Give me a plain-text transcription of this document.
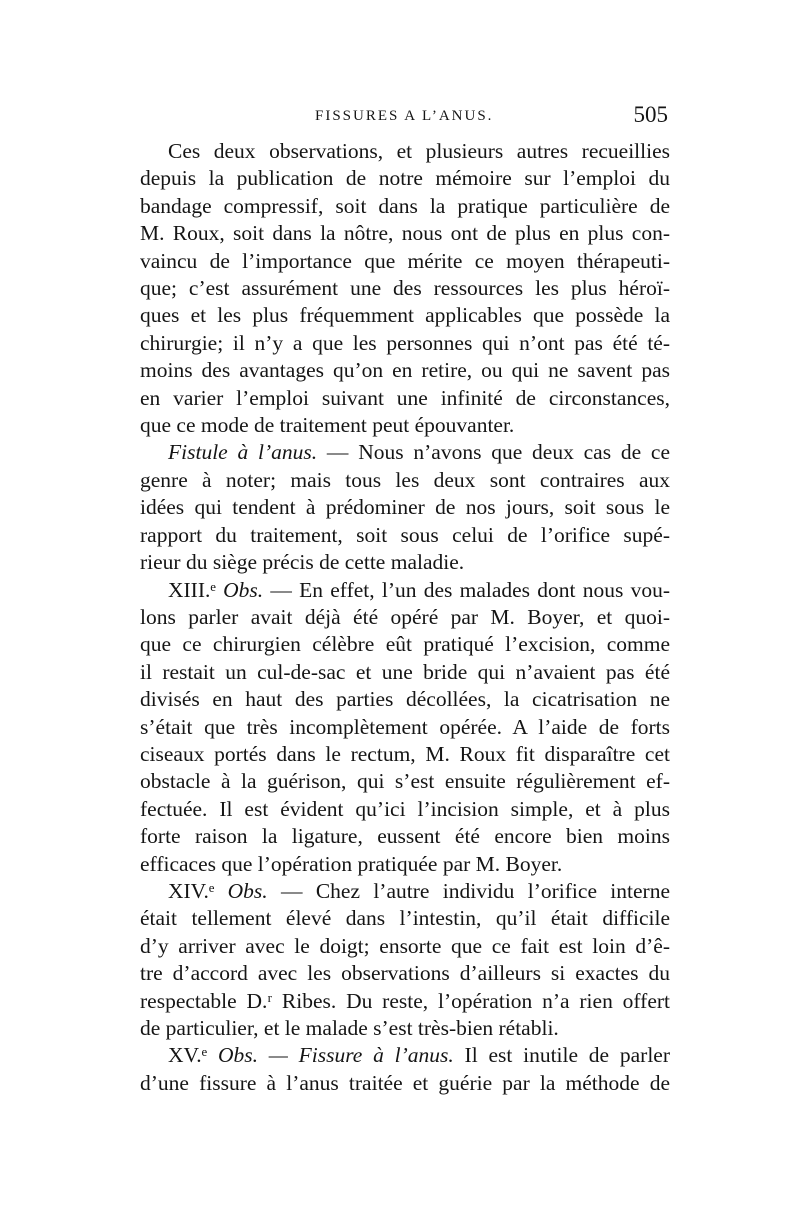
FISSURES A L’ANUS.	505

Ces deux observations, et plusieurs autres recueillies
depuis la publication de notre mémoire sur l’emploi du
bandage compressif, soit dans la pratique particulière de
M. Roux, soit dans la nôtre, nous ont de plus en plus con-
vaincu de l’importance que mérite ce moyen thérapeuti-
que; c’est assurément une des ressources les plus héroï-
ques et les plus fréquemment applicables que possède la
chirurgie; il n’y a que les personnes qui n’ont pas été té-
moins des avantages qu’on en retire, ou qui ne savent pas
en varier l’emploi suivant une infinité de circonstances,
que ce mode de traitement peut épouvanter.

Fistule à l’anus. — Nous n’avons que deux cas de ce
genre à noter; mais tous les deux sont contraires aux
idées qui tendent à prédominer de nos jours, soit sous le
rapport du traitement, soit sous celui de l’orifice supé-
rieur du siège précis de cette maladie.

XIII.ᵉ Obs. — En effet, l’un des malades dont nous vou-
lons parler avait déjà été opéré par M. Boyer, et quoi-
que ce chirurgien célèbre eût pratiqué l’excision, comme
il restait un cul-de-sac et une bride qui n’avaient pas été
divisés en haut des parties décollées, la cicatrisation ne
s’était que très incomplètement opérée. A l’aide de forts
ciseaux portés dans le rectum, M. Roux fit disparaître cet
obstacle à la guérison, qui s’est ensuite régulièrement ef-
fectuée. Il est évident qu’ici l’incision simple, et à plus
forte raison la ligature, eussent été encore bien moins
efficaces que l’opération pratiquée par M. Boyer.

XIV.ᵉ Obs. — Chez l’autre individu l’orifice interne
était tellement élevé dans l’intestin, qu’il était difficile
d’y arriver avec le doigt; ensorte que ce fait est loin d’ê-
tre d’accord avec les observations d’ailleurs si exactes du
respectable D.ʳ Ribes. Du reste, l’opération n’a rien offert
de particulier, et le malade s’est très-bien rétabli.

XV.ᵉ Obs. — Fissure à l’anus. Il est inutile de parler
d’une fissure à l’anus traitée et guérie par la méthode de
